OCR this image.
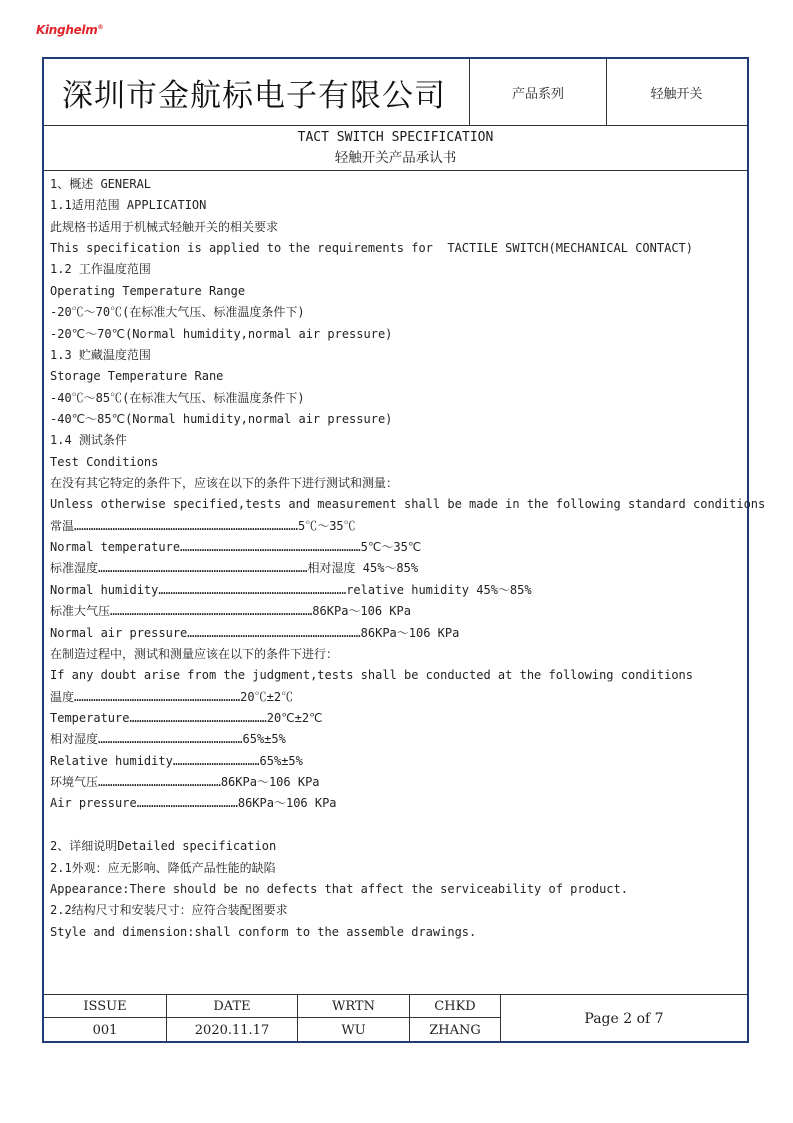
Kinghelm®
深圳市金航标电子有限公司	产品系列	轻触开关
TACT SWITCH SPECIFICATION
轻触开关产品承认书
1、概述 GENERAL
1.1适用范围 APPLICATION
此规格书适用于机械式轻触开关的相关要求
This specification is applied to the requirements for  TACTILE SWITCH(MECHANICAL CONTACT)
1.2 工作温度范围
Operating Temperature Range
-20℃～70℃(在标准大气压、标准温度条件下)
-20℃～70℃(Normal humidity,normal air pressure)
1.3 贮藏温度范围
Storage Temperature Rane
-40℃～85℃(在标准大气压、标准温度条件下)
-40℃～85℃(Normal humidity,normal air pressure)
1.4 测试条件
Test Conditions
在没有其它特定的条件下，应该在以下的条件下进行测试和测量：
Unless otherwise specified,tests and measurement shall be made in the following standard conditions
常温…………………………………………………………………………………5℃～35℃
Normal temperature…………………………………………………………………5℃～35℃
标准湿度……………………………………………………………………………相对湿度 45%～85%
Normal humidity……………………………………………………………………relative humidity 45%～85%
标准大气压…………………………………………………………………………86KPa～106 KPa
Normal air pressure………………………………………………………………86KPa～106 KPa
在制造过程中，测试和测量应该在以下的条件下进行：
If any doubt arise from the judgment,tests shall be conducted at the following conditions
温度……………………………………………………………20℃±2℃
Temperature…………………………………………………20℃±2℃
相对湿度……………………………………………………65%±5%
Relative humidity………………………………65%±5%
环境气压……………………………………………86KPa～106 KPa
Air pressure……………………………………86KPa～106 KPa
2、详细说明Detailed specification
2.1外观：应无影响、降低产品性能的缺陷
Appearance:There should be no defects that affect the serviceability of product.
2.2结构尺寸和安装尺寸：应符合装配图要求
Style and dimension:shall conform to the assemble drawings.
ISSUE	DATE	WRTN	CHKD
001	2020.11.17	WU	ZHANG
Page 2 of 7
